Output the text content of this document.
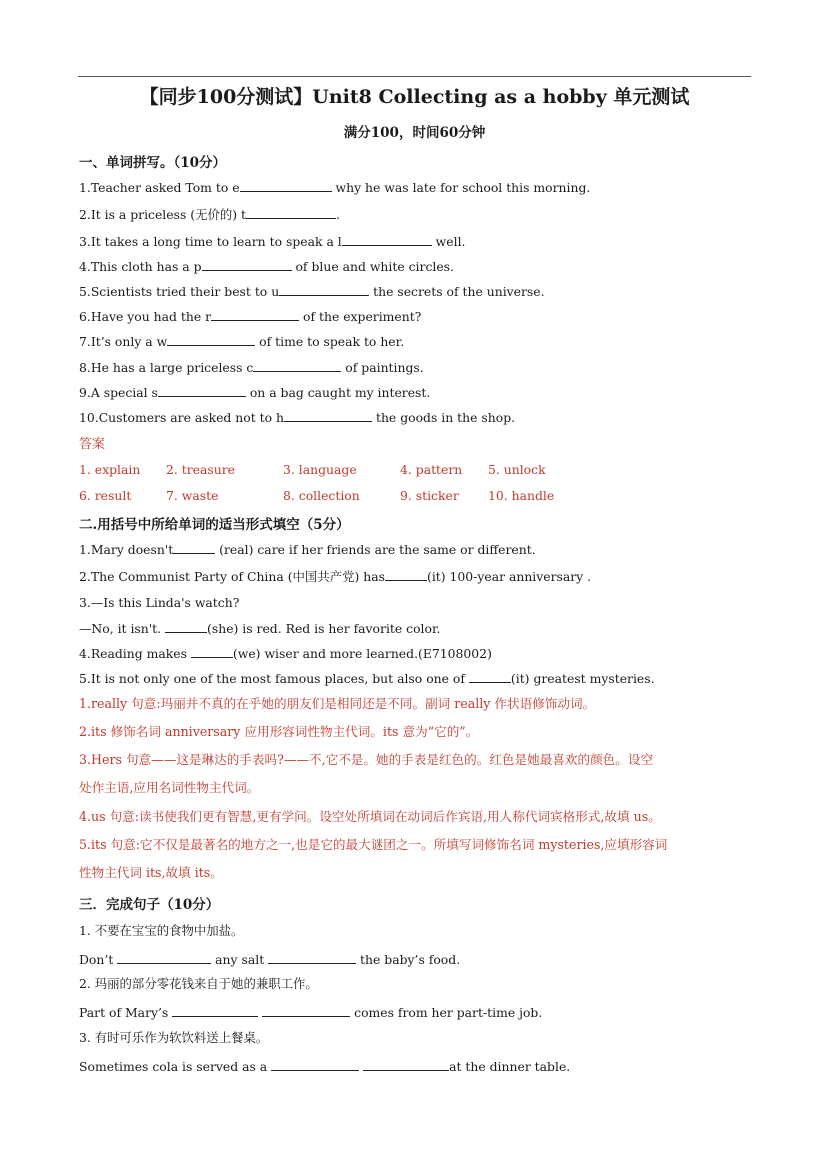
【同步100分测试】Unit8 Collecting as a hobby 单元测试
满分100，时间60分钟
一、单词拼写。（10分）
1.Teacher asked Tom to e	why he was late for school this morning.
2.It is a priceless (无价的) t	.
3.It takes a long time to learn to speak a l	well.
4.This cloth has a p	of blue and white circles.
5.Scientists tried their best to u	the secrets of the universe.
6.Have you had the r	of the experiment?
7.It’s only a w	of time to speak to her.
8.He has a large priceless c	of paintings.
9.A special s	on a bag caught my interest.
10.Customers are asked not to h	the goods in the shop.
答案
1. explain 2. treasure	3. language	4. pattern 5. unlock
6. result	7. waste	8. collection	9. sticker 10. handle
二.用括号中所给单词的适当形式填空（5分）
1.Mary doesn't	(real) care if her friends are the same or different.
2.The Communist Party of China (中国共产党) has	(it) 100-year anniversary .
3.—Is this Linda's watch?
—No, it isn't.	(she) is red. Red is her favorite color.
4.Reading makes	(we) wiser and more learned.(E7108002)
5.It is not only one of the most famous places, but also one of	(it) greatest mysteries.
1.really 句意:玛丽并不真的在乎她的朋友们是相同还是不同。副词 really 作状语修饰动词。
2.its 修饰名词 anniversary 应用形容词性物主代词。its 意为“它的”。
3.Hers 句意——这是琳达的手表吗?——不,它不是。她的手表是红色的。红色是她最喜欢的颜色。设空
处作主语,应用名词性物主代词。
4.us 句意:读书使我们更有智慧,更有学问。设空处所填词在动词后作宾语,用人称代词宾格形式,故填 us。
5.its 句意:它不仅是最著名的地方之一,也是它的最大谜团之一。所填写词修饰名词 mysteries,应填形容词
性物主代词 its,故填 its。
三．完成句子（10分）
1. 不要在宝宝的食物中加盐。
Don’t	any salt	the baby’s food.
2. 玛丽的部分零花钱来自于她的兼职工作。
Part of Mary’s	comes from her part-time job.
3. 有时可乐作为软饮料送上餐桌。
Sometimes cola is served as a	at the dinner table.
